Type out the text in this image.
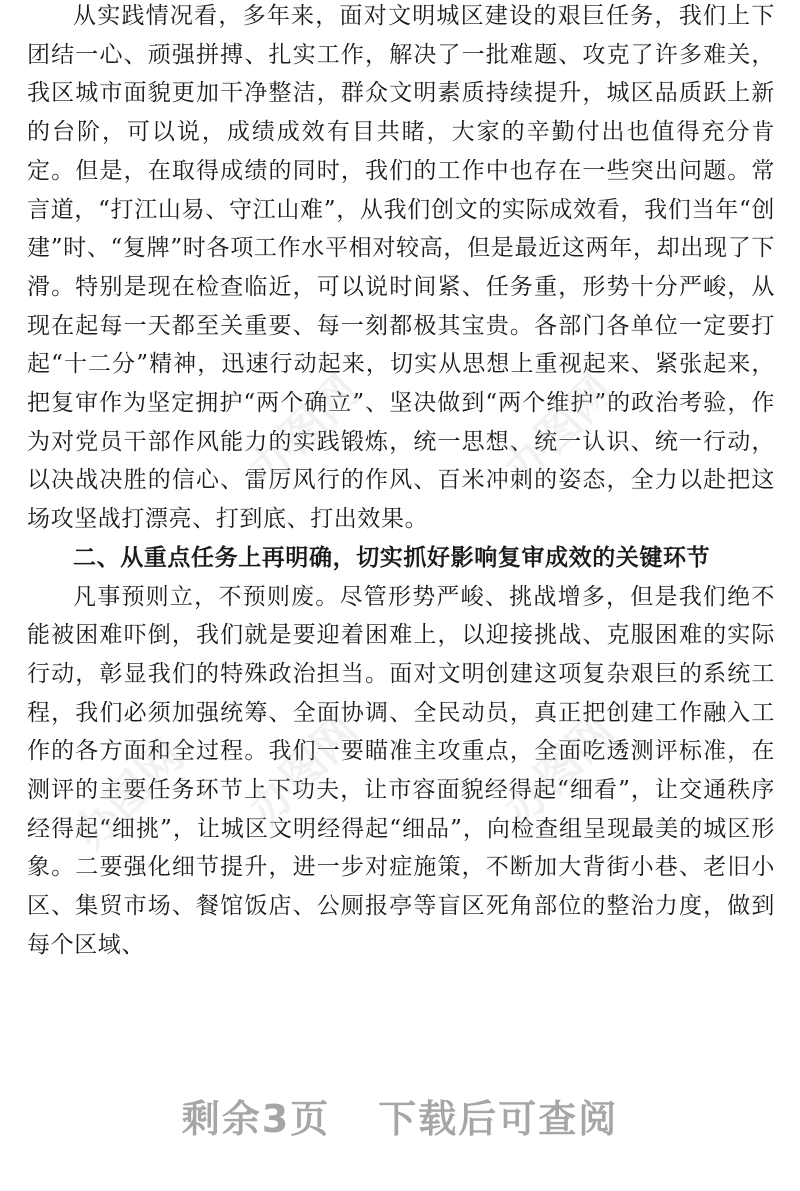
从实践情况看，多年来，面对文明城区建设的艰巨任务，我们上下团结一心、顽强拼搏、扎实工作，解决了一批难题、攻克了许多难关，我区城市面貌更加干净整洁，群众文明素质持续提升，城区品质跃上新的台阶，可以说，成绩成效有目共睹，大家的辛勤付出也值得充分肯定。但是，在取得成绩的同时，我们的工作中也存在一些突出问题。常言道，“打江山易、守江山难”，从我们创文的实际成效看，我们当年“创建”时、“复牌”时各项工作水平相对较高，但是最近这两年，却出现了下滑。特别是现在检查临近，可以说时间紧、任务重，形势十分严峻，从现在起每一天都至关重要、每一刻都极其宝贵。各部门各单位一定要打起“十二分”精神，迅速行动起来，切实从思想上重视起来、紧张起来，把复审作为坚定拥护“两个确立”、坚决做到“两个维护”的政治考验，作为对党员干部作风能力的实践锻炼，统一思想、统一认识、统一行动，以决战决胜的信心、雷厉风行的作风、百米冲刺的姿态，全力以赴把这场攻坚战打漂亮、打到底、打出效果。

二、从重点任务上再明确，切实抓好影响复审成效的关键环节

凡事预则立，不预则废。尽管形势严峻、挑战增多，但是我们绝不能被困难吓倒，我们就是要迎着困难上，以迎接挑战、克服困难的实际行动，彰显我们的特殊政治担当。面对文明创建这项复杂艰巨的系统工程，我们必须加强统筹、全面协调、全民动员，真正把创建工作融入工作的各方面和全过程。我们一要瞄准主攻重点，全面吃透测评标准，在测评的主要任务环节上下功夫，让市容面貌经得起“细看”，让交通秩序经得起“细挑”，让城区文明经得起“细品”，向检查组呈现最美的城区形象。二要强化细节提升，进一步对症施策，不断加大背街小巷、老旧小区、集贸市场、餐馆饭店、公厕报亭等盲区死角部位的整治力度，做到每个区域、

办图网	办图网
办图网	办图网
办图网
剩余3页 下载后可查阅
